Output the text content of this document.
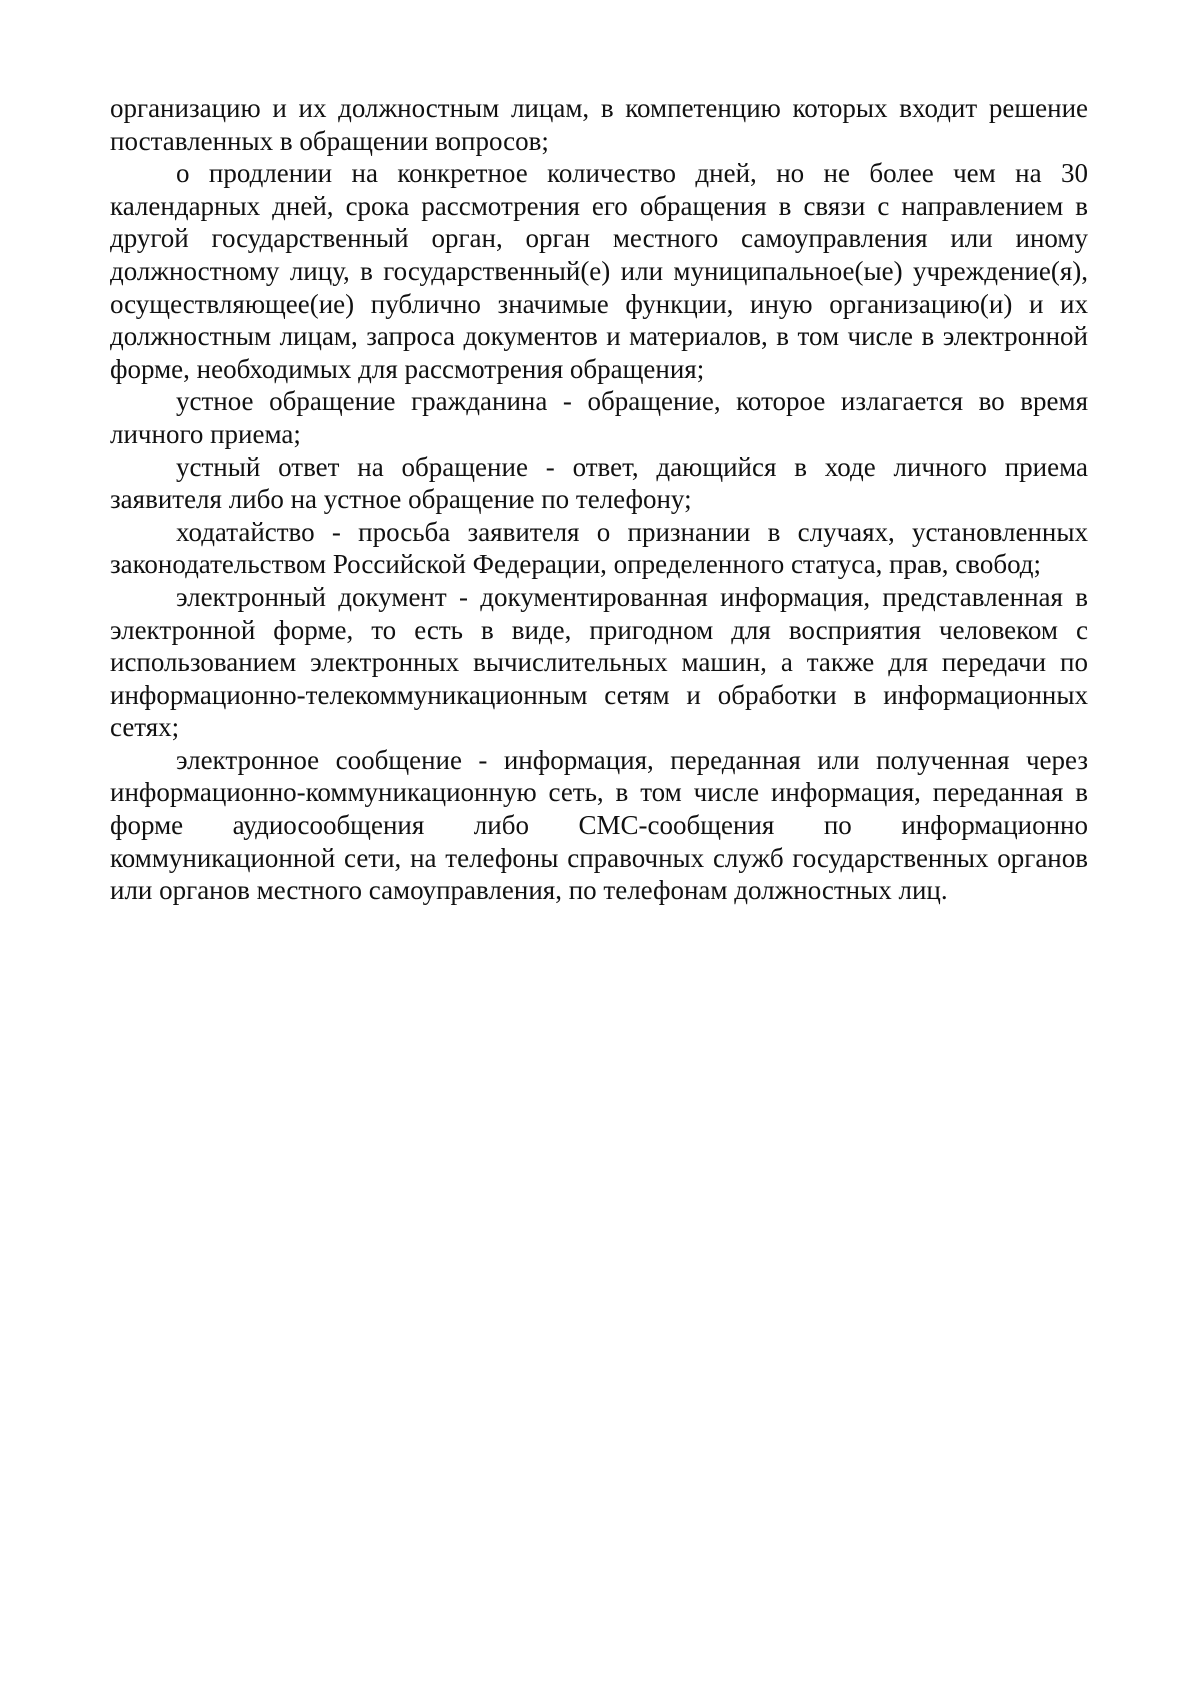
организацию и их должностным лицам, в компетенцию которых входит решение поставленных в обращении вопросов;

о продлении на конкретное количество дней, но не более чем на 30 календарных дней, срока рассмотрения его обращения в связи с направлением в другой государственный орган, орган местного самоуправления или иному должностному лицу, в государственный(е) или муниципальное(ые) учреждение(я), осуществляющее(ие) публично значимые функции, иную организацию(и) и их должностным лицам, запроса документов и материалов, в том числе в электронной форме, необходимых для рассмотрения обращения;

устное обращение гражданина - обращение, которое излагается во время личного приема;

устный ответ на обращение - ответ, дающийся в ходе личного приема заявителя либо на устное обращение по телефону;

ходатайство - просьба заявителя о признании в случаях, установленных законодательством Российской Федерации, определенного статуса, прав, свобод;

электронный документ - документированная информация, представленная в электронной форме, то есть в виде, пригодном для восприятия человеком с использованием электронных вычислительных машин, а также для передачи по информационно-телекоммуникационным сетям и обработки в информационных сетях;

электронное сообщение - информация, переданная или полученная через информационно-коммуникационную сеть, в том числе информация, переданная в форме аудиосообщения либо СМС-сообщения по информационно коммуникационной сети, на телефоны справочных служб государственных органов или органов местного самоуправления, по телефонам должностных лиц.
